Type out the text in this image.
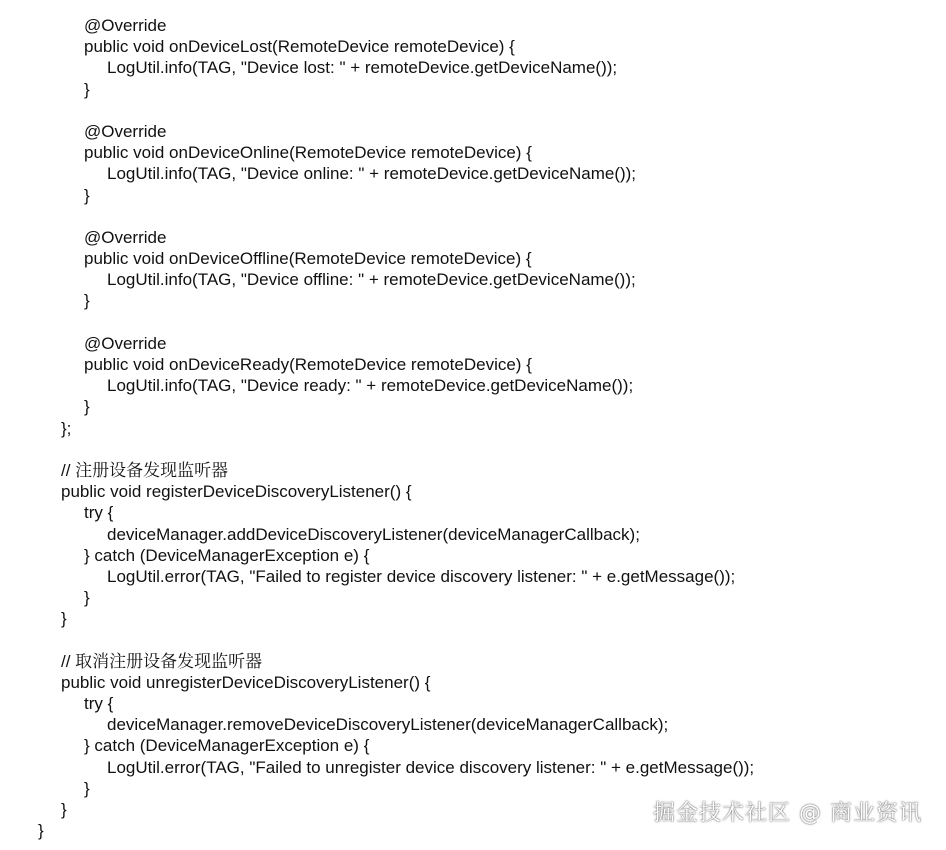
@Override
public void onDeviceLost(RemoteDevice remoteDevice) {
LogUtil.info(TAG, "Device lost: " + remoteDevice.getDeviceName());
}
@Override
public void onDeviceOnline(RemoteDevice remoteDevice) {
LogUtil.info(TAG, "Device online: " + remoteDevice.getDeviceName());
}
@Override
public void onDeviceOffline(RemoteDevice remoteDevice) {
LogUtil.info(TAG, "Device offline: " + remoteDevice.getDeviceName());
}
@Override
public void onDeviceReady(RemoteDevice remoteDevice) {
LogUtil.info(TAG, "Device ready: " + remoteDevice.getDeviceName());
}
};
// 注册设备发现监听器
public void registerDeviceDiscoveryListener() {
try {
deviceManager.addDeviceDiscoveryListener(deviceManagerCallback);
} catch (DeviceManagerException e) {
LogUtil.error(TAG, "Failed to register device discovery listener: " + e.getMessage());
}
}
// 取消注册设备发现监听器
public void unregisterDeviceDiscoveryListener() {
try {
deviceManager.removeDeviceDiscoveryListener(deviceManagerCallback);
} catch (DeviceManagerException e) {
LogUtil.error(TAG, "Failed to unregister device discovery listener: " + e.getMessage());
}
}
}
掘金技术社区 @ 商业资讯
